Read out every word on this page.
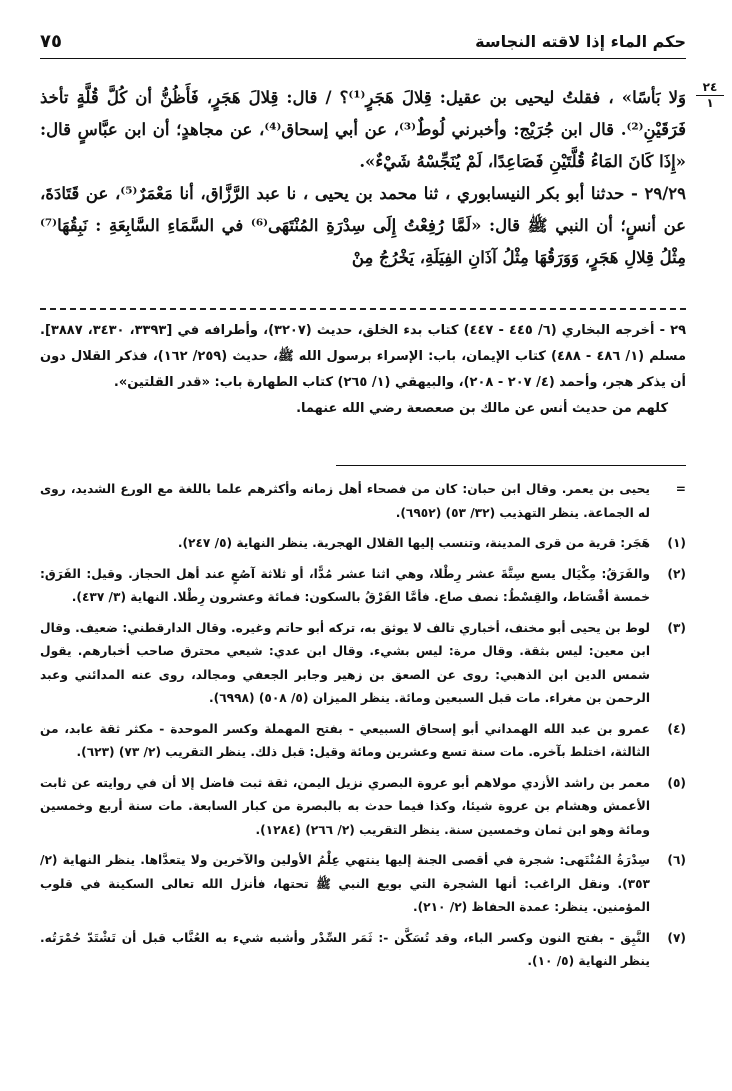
حكم الماء إذا لاقته النجاسة
٧٥
٢٤
١

وَلا بَأسًا» ، فقلتُ ليحيى بن عقيل: قِلالَ هَجَرٍ⁽¹⁾؟ / قال: قِلالَ هَجَرٍ، فَأَظُنُّ أن كُلَّ قُلَّةٍ تأخذ فَرَقَيْنِ⁽²⁾. قال ابن جُرَيْج: وأخبرني لُوطٌ⁽³⁾، عن أبي إسحاق⁽⁴⁾، عن مجاهدٍ؛ أن ابن عبَّاسٍ قال: «إِذَا كَانَ المَاءُ قُلَّتَيْنِ فَصَاعِدًا، لَمْ يُنَجِّسْهُ شَيْءٌ».

٢٩/٢٩ - حدثنا أبو بكر النيسابوري ، ثنا محمد بن يحيى ، نا عبد الرَّزَّاق، أنا مَعْمَرٌ⁽⁵⁾، عن قَتَادَةَ، عن أنسٍ؛ أن النبي ﷺ قال: «لَمَّا رُفِعْتُ إِلَى سِدْرَةِ المُنْتَهَى⁽⁶⁾ في السَّمَاءِ السَّابِعَةِ : نَبِقُهَا⁽⁷⁾ مِثْلُ قِلالِ هَجَرٍ، وَوَرَقُهَا مِثْلُ آذَانِ الفِيَلَةِ، يَخْرُجُ مِنْ

٢٩ - أخرجه البخاري (٦/ ٤٤٥ - ٤٤٧) كتاب بدء الخلق، حديث (٣٢٠٧)، وأطرافه في [٣٣٩٣، ٣٤٣٠، ٣٨٨٧]. مسلم (١/ ٤٨٦ - ٤٨٨) كتاب الإيمان، باب: الإسراء برسول الله ﷺ، حديث (٢٥٩/ ١٦٢)، فذكر القلال دون أن يذكر هجر، وأحمد (٤/ ٢٠٧ - ٢٠٨)، والبيهقي (١/ ٢٦٥) كتاب الطهارة باب: «قدر القلتين».

كلهم من حديث أنس عن مالك بن صعصعة رضي الله عنهما.

=
يحيى بن يعمر. وقال ابن حبان: كان من فصحاء أهل زمانه وأكثرهم علما باللغة مع الورع الشديد، روى له الجماعة. ينظر التهذيب (٣٢/ ٥٣) (٦٩٥٢).
(١)
هَجَر: قرية من قرى المدينة، وتنسب إليها القلال الهجرية. ينظر النهاية (٥/ ٢٤٧).
(٢)
والفَرَقُ: مِكْيَال يسع سِتَّةَ عشر رِطْلا، وهي اثنا عشر مُدًّا، أو ثلاثة آصُعٍ عند أهل الحجاز. وقيل: الفَرَق: خمسة أقْسَاط، والقِسْطُ: نصف صاع. فأمَّا الفَرْقُ بالسكون: فمائة وعشرون رِطْلا. النهاية (٣/ ٤٣٧).
(٣)
لوط بن يحيى أبو مخنف، أخباري تالف لا يوثق به، تركه أبو حاتم وغيره. وقال الدارقطني: ضعيف. وقال ابن معين: ليس بثقة. وقال مرة: ليس بشيء. وقال ابن عدي: شيعي محترق صاحب أخبارهم. يقول شمس الدين ابن الذهبي: روى عن الصعق بن زهير وجابر الجعفي ومجالد، روى عنه المدائني وعبد الرحمن بن مغراء. مات قبل السبعين ومائة. ينظر الميزان (٥/ ٥٠٨) (٦٩٩٨).
(٤)
عمرو بن عبد الله الهمداني أبو إسحاق السبيعي - بفتح المهملة وكسر الموحدة - مكثر ثقة عابد، من الثالثة، اختلط بآخره. مات سنة تسع وعشرين ومائة وقيل: قبل ذلك. ينظر التقريب (٢/ ٧٣) (٦٢٣).
(٥)
معمر بن راشد الأزدي مولاهم أبو عروة البصري نزيل اليمن، ثقة ثبت فاضل إلا أن في روايته عن ثابت الأعمش وهشام بن عروة شيئا، وكذا فيما حدث به بالبصرة من كبار السابعة. مات سنة أربع وخمسين ومائة وهو ابن ثمان وخمسين سنة. ينظر التقريب (٢/ ٢٦٦) (١٢٨٤).
(٦)
سِدْرَةُ المُنْتَهى: شجرة في أقصى الجنة إليها ينتهي عِلْمُ الأولين والآخرين ولا يتعدَّاها. ينظر النهاية (٢/ ٣٥٣). ونقل الراغب: أنها الشجرة التي بويع النبي ﷺ تحتها، فأنزل الله تعالى السكينة في قلوب المؤمنين. ينظر: عمدة الحفاظ (٢/ ٢١٠).
(٧)
النَّبِق - بفتح النون وكسر الباء، وقد تُسَكَّن -: ثَمَر السِّدْر وأشبه شيء به العُنَّاب قبل أن تَشْتَدّ حُمْرَتُه. ينظر النهاية (٥/ ١٠).
